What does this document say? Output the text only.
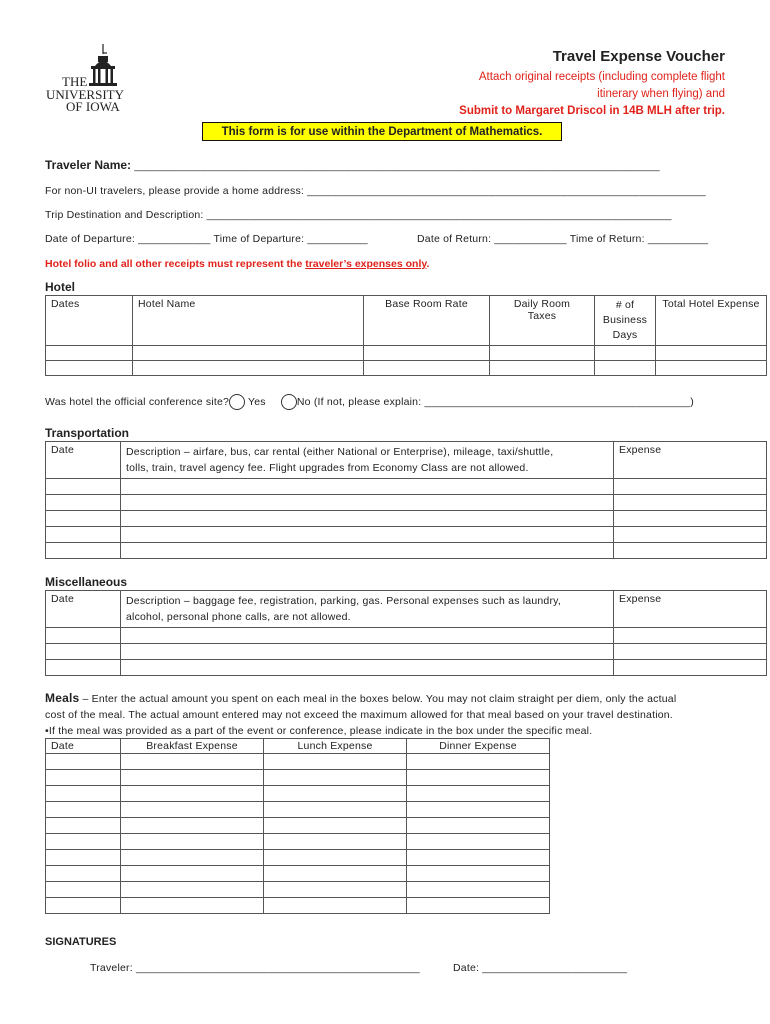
THE
UNIVERSITY
OF IOWA
Travel Expense Voucher
Attach original receipts (including complete flight
itinerary when flying) and
Submit to Margaret Driscol in 14B MLH after trip.
This form is for use within the Department of Mathematics.
Traveler Name: _______________________________________________________________________________________
For non-UI travelers, please provide a home address: __________________________________________________________________
Trip Destination and Description: _____________________________________________________________________________
Date of Departure: ____________ Time of Departure: __________	Date of Return: ____________ Time of Return: __________
Hotel folio and all other receipts must represent the traveler’s expenses only.
Hotel
Dates	Hotel Name	Base Room Rate	Daily Room Taxes	# of Business Days	Total Hotel Expense

Was hotel the official conference site? Yes	No (If not, please explain: ____________________________________________)
Transportation
Date	Description – airfare, bus, car rental (either National or Enterprise), mileage, taxi/shuttle,
tolls, train, travel agency fee. Flight upgrades from Economy Class are not allowed.	Expense

Miscellaneous
Date	Description – baggage fee, registration, parking, gas. Personal expenses such as laundry,
alcohol, personal phone calls, are not allowed.	Expense

Meals – Enter the actual amount you spent on each meal in the boxes below. You may not claim straight per diem, only the actual
cost of the meal. The actual amount entered may not exceed the maximum allowed for that meal based on your travel destination.
•If the meal was provided as a part of the event or conference, please indicate in the box under the specific meal.
Date	Breakfast Expense	Lunch Expense	Dinner Expense

SIGNATURES
Traveler: _______________________________________________	Date: ________________________
